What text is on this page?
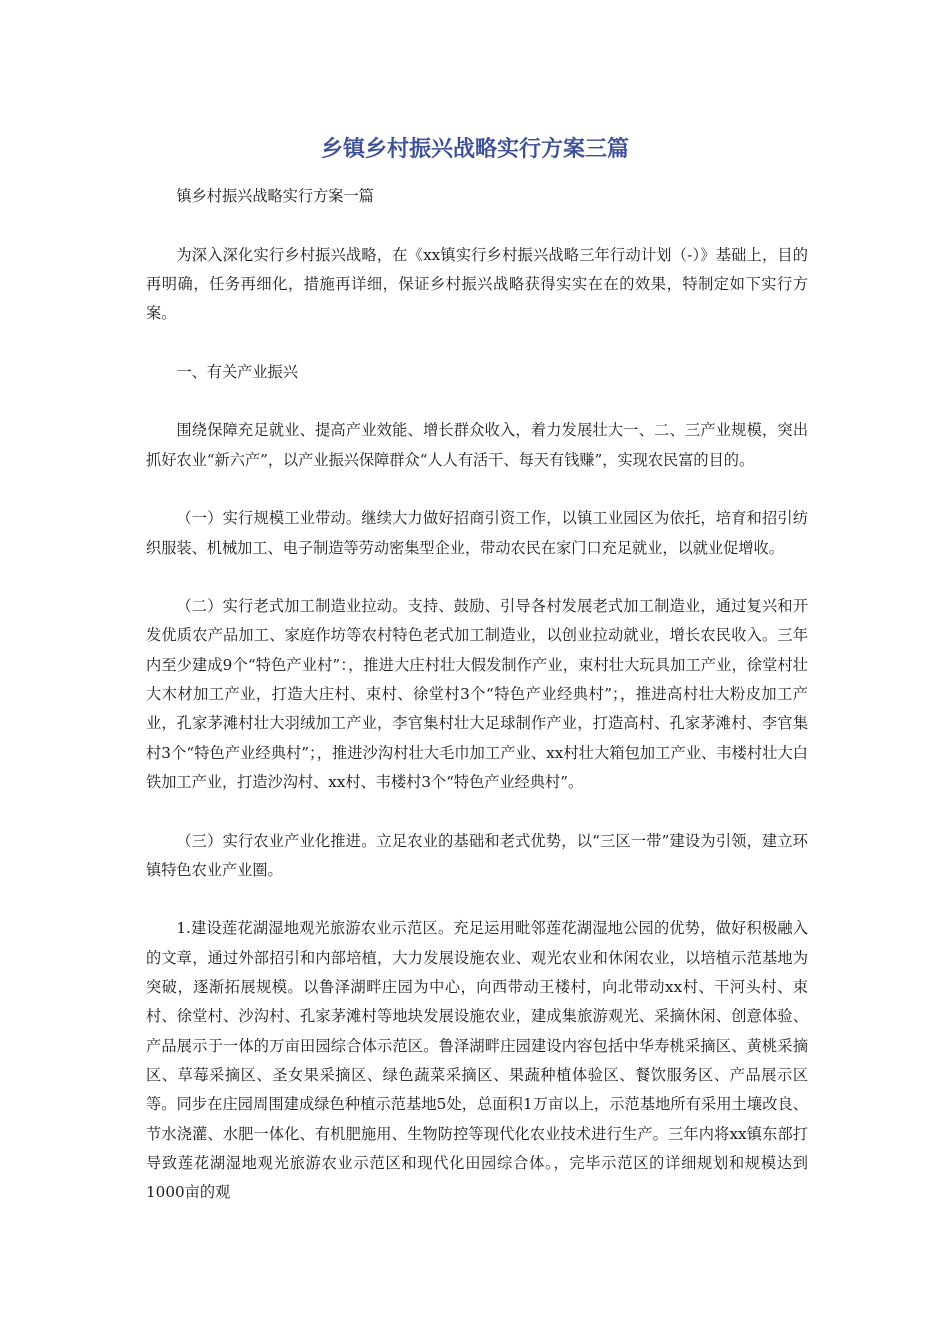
乡镇乡村振兴战略实行方案三篇

镇乡村振兴战略实行方案一篇

为深入深化实行乡村振兴战略，在《xx镇实行乡村振兴战略三年行动计划（-）》基础上，目的再明确，任务再细化，措施再详细，保证乡村振兴战略获得实实在在的效果，特制定如下实行方案。

一、有关产业振兴

围绕保障充足就业、提高产业效能、增长群众收入，着力发展壮大一、二、三产业规模，突出抓好农业“新六产”，以产业振兴保障群众“人人有活干、每天有钱赚”，实现农民富的目的。

（一）实行规模工业带动。继续大力做好招商引资工作，以镇工业园区为依托，培育和招引纺织服装、机械加工、电子制造等劳动密集型企业，带动农民在家门口充足就业，以就业促增收。

（二）实行老式加工制造业拉动。支持、鼓励、引导各村发展老式加工制造业，通过复兴和开发优质农产品加工、家庭作坊等农村特色老式加工制造业，以创业拉动就业，增长农民收入。三年内至少建成9个“特色产业村”：，推进大庄村壮大假发制作产业，束村壮大玩具加工产业，徐堂村壮大木材加工产业，打造大庄村、束村、徐堂村3个“特色产业经典村”；，推进高村壮大粉皮加工产业，孔家茅滩村壮大羽绒加工产业，李官集村壮大足球制作产业，打造高村、孔家茅滩村、李官集村3个“特色产业经典村”；，推进沙沟村壮大毛巾加工产业、xx村壮大箱包加工产业、韦楼村壮大白铁加工产业，打造沙沟村、xx村、韦楼村3个“特色产业经典村”。

（三）实行农业产业化推进。立足农业的基础和老式优势，以“三区一带”建设为引领，建立环镇特色农业产业圈。

1.建设莲花湖湿地观光旅游农业示范区。充足运用毗邻莲花湖湿地公园的优势，做好积极融入的文章，通过外部招引和内部培植，大力发展设施农业、观光农业和休闲农业，以培植示范基地为突破，逐渐拓展规模。以鲁泽湖畔庄园为中心，向西带动王楼村，向北带动xx村、干河头村、束村、徐堂村、沙沟村、孔家茅滩村等地块发展设施农业，建成集旅游观光、采摘休闲、创意体验、产品展示于一体的万亩田园综合体示范区。鲁泽湖畔庄园建设内容包括中华寿桃采摘区、黄桃采摘区、草莓采摘区、圣女果采摘区、绿色蔬菜采摘区、果蔬种植体验区、餐饮服务区、产品展示区等。同步在庄园周围建成绿色种植示范基地5处，总面积1万亩以上，示范基地所有采用土壤改良、节水浇灌、水肥一体化、有机肥施用、生物防控等现代化农业技术进行生产。三年内将xx镇东部打导致莲花湖湿地观光旅游农业示范区和现代化田园综合体。，完毕示范区的详细规划和规模达到1000亩的观
